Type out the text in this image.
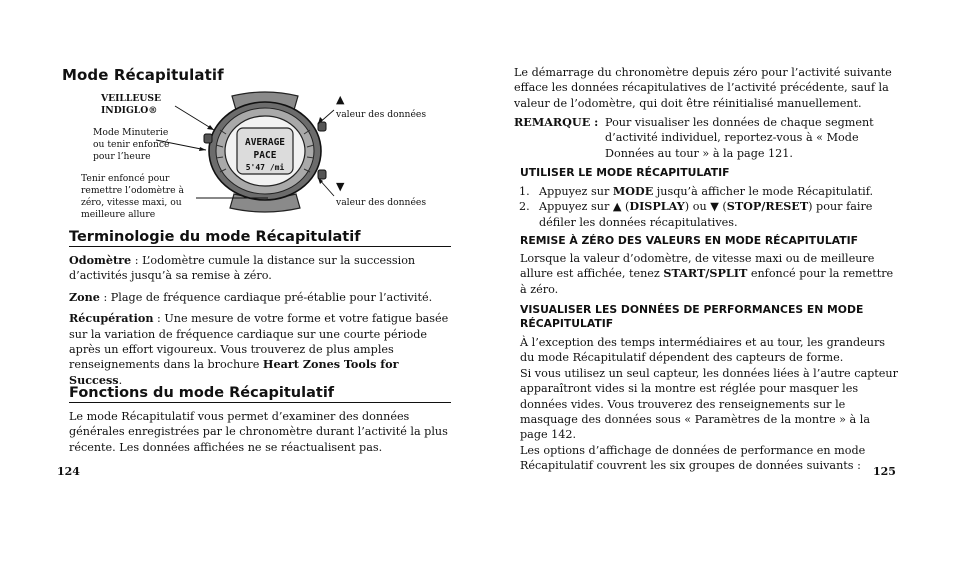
Mode Récapitulatif
VEILLEUSE
INDIGLO®
Mode Minuterie
ou tenir enfoncé
pour l’heure
Tenir enfoncé pour
remettre l’odomètre à
zéro, vitesse maxi, ou
meilleure allure
▲
valeur des données
▼
valeur des données
AVERAGE
PACE
5'47 /mi
Terminologie du mode Récapitulatif

Odomètre : L’odomètre cumule la distance sur la succession d’activités jusqu’à sa remise à zéro.

Zone : Plage de fréquence cardiaque pré-établie pour l’activité.

Récupération : Une mesure de votre forme et votre fatigue basée sur la variation de fréquence cardiaque sur une courte période après un effort vigoureux. Vous trouverez de plus amples renseignements dans la brochure Heart Zones Tools for Success.

Fonctions du mode Récapitulatif
Le mode Récapitulatif vous permet d’examiner des données générales enregistrées par le chronomètre durant l’activité la plus récente. Les données affichées ne se réactualisent pas.
124
Le démarrage du chronomètre depuis zéro pour l’activité suivante efface les données récapitulatives de l’activité précédente, sauf la valeur de l’odomètre, qui doit être réinitialisé manuellement.
REMARQUE : Pour visualiser les données de chaque segment d’activité individuel, reportez-vous à « Mode Données au tour » à la page 121.

UTILISER LE MODE RÉCAPITULATIF
1. Appuyez sur MODE jusqu’à afficher le mode Récapitulatif.
2. Appuyez sur ▲ (DISPLAY) ou ▼ (STOP/RESET) pour faire défiler les données récapitulatives.
REMISE À ZÉRO DES VALEURS EN MODE RÉCAPITULATIF
Lorsque la valeur d’odomètre, de vitesse maxi ou de meilleure allure est affichée, tenez START/SPLIT enfoncé pour la remettre à zéro.
VISUALISER LES DONNÉES DE PERFORMANCES EN MODE RÉCAPITULATIF

À l’exception des temps intermédiaires et au tour, les grandeurs du mode Récapitulatif dépendent des capteurs de forme.

Si vous utilisez un seul capteur, les données liées à l’autre capteur apparaîtront vides si la montre est réglée pour masquer les données vides. Vous trouverez des renseignements sur le masquage des données sous « Paramètres de la montre » à la page 142.

Les options d’affichage de données de performance en mode Récapitulatif couvrent les six groupes de données suivants :	125
